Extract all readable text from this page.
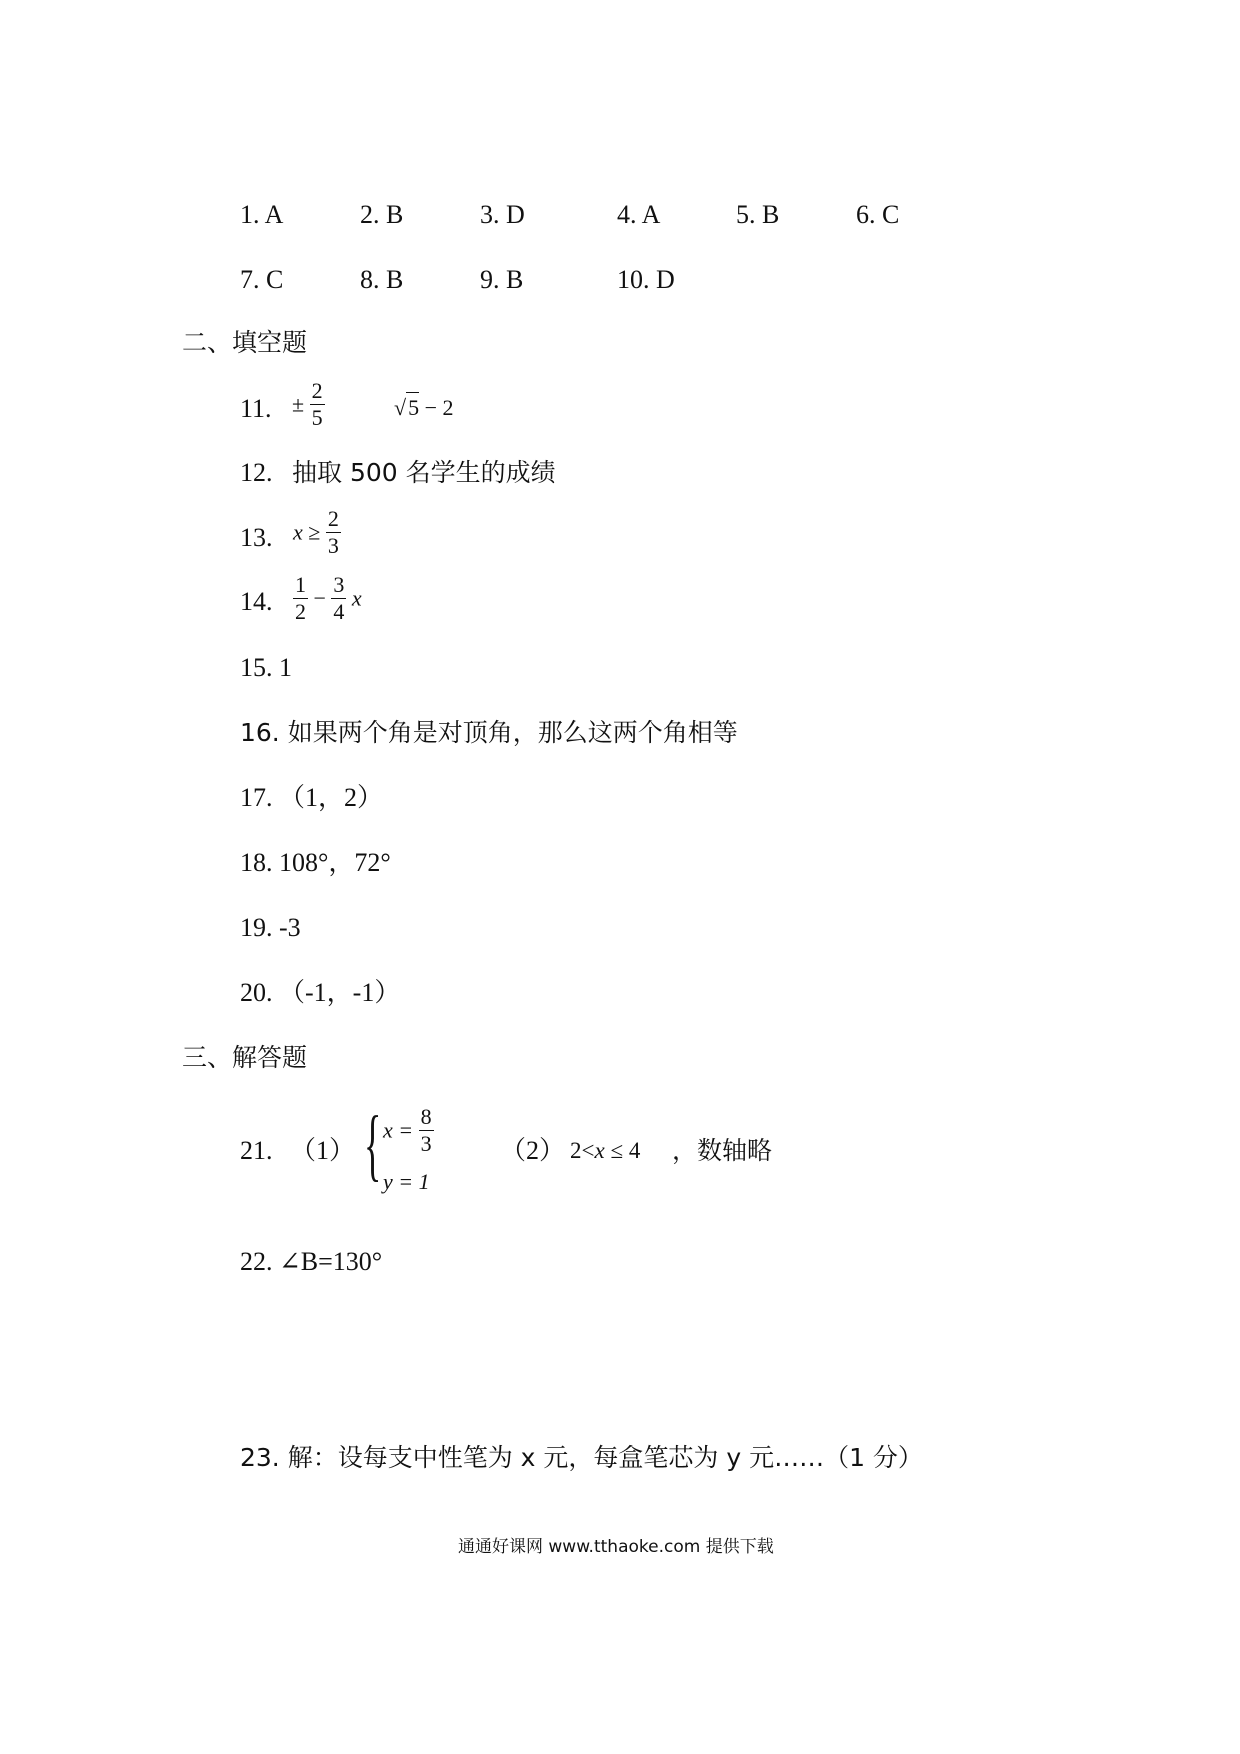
1. A	2. B	3. D	4. A	5. B	6. C
7. C	8. B	9. B	10. D
二、填空题
11. ± $\frac{2}{5}$	√5 − 2
12. 抽取 500 名学生的成绩
13. $x \ge \frac{2}{3}$
14. $\frac{1}{2} - \frac{3}{4}$ x
15. 1
16. 如果两个角是对顶角，那么这两个角相等
17. （1，2）
18. 108°，72°
19. -3
20. （-1，-1）
三、解答题
21. （1） { $x = \frac{8}{3}$
y = 1
（2） 2<x ≤ 4 ，数轴略
22. ∠B=130°
23. 解：设每支中性笔为 x 元，每盒笔芯为 y 元……（1 分）
通通好课网 www.tthaoke.com 提供下载
